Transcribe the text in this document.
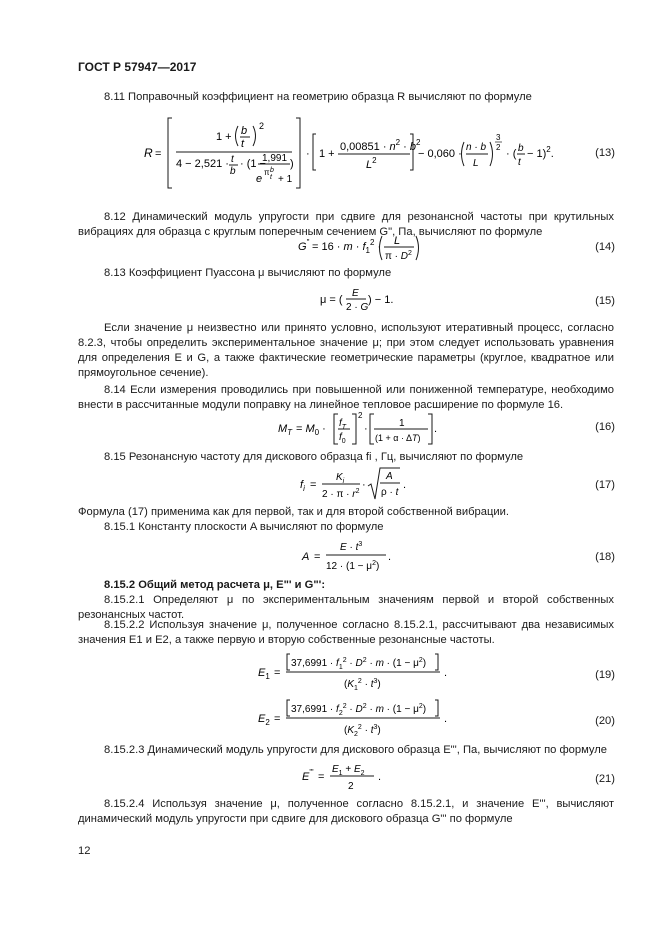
ГОСТ Р 57947—2017
8.11 Поправочный коэффициент на геометрию образца R вычисляют по формуле
R =
1 + b
t
2
4 − 2,521 · t
b
· (1 −
1,991
e
π b
t + 1
)
· 1 +
$0,00851 \cdot n^2 \cdot b^2$
$L^2$
− 0,060 ·
n · b
L
3
2
· ( b
t
− 1)$^2$.	(13)
8.12 Динамический модуль упругости при сдвиге для резонансной частоты при крутильных вибрациях для образца с круглым поперечным сечением G", Па, вычисляют по формуле
$G^" = 16 \cdot m \cdot f_1^2 \cdot L$
$\pi \cdot D^2$
(14)
8.13 Коэффициент Пуассона μ вычисляют по формуле
μ = (
E
2 · G
) − 1.	(15)
Если значение μ неизвестно или принято условно, используют итеративный процесс, согласно 8.2.3, чтобы определить экспериментальное значение μ; при этом следует использовать уравнения для определения E и G, а также фактические геометрические параметры (круглое, квадратное или прямоугольное сечение).
8.14 Если измерения проводились при повышенной или пониженной температуре, необходимо внести в рассчитанные модули поправку на линейное тепловое расширение по формуле 16.
$M_T = M_0 \cdot f_T$
$f_0$
2
·	1
(1 + α · ΔT)
.	(16)
8.15 Резонансную частоту для дискового образца fi , Гц, вычисляют по формуле
$f_i$ =
$K_i$
$2 \cdot \pi \cdot r^2$
·
A
ρ · t
.	(17)
Формула (17) применима как для первой, так и для второй собственной вибрации.
8.15.1 Константу плоскости A вычисляют по формуле
A =
$E \cdot t^3$
$12 \cdot (1 - \mu^2)$
.	(18)
8.15.2 Общий метод расчета μ, E"' и G"':
8.15.2.1 Определяют μ по экспериментальным значениям первой и второй собственных резонансных частот.
8.15.2.2 Используя значение μ, полученное согласно 8.15.2.1, рассчитывают два независимых значения E1 и E2, а также первую и вторую собственные резонансные частоты.
$E_1$ =
$37,6991 \cdot f_1^2 \cdot D^2 \cdot m \cdot (1 - \mu^2)$
$(K_1^2 \cdot t^3)$
.	(19)
$E_2$ =
$37,6991 \cdot f_2^2 \cdot D^2 \cdot m \cdot (1 - \mu^2)$
$(K_2^2 \cdot t^3)$
.	(20)
8.15.2.3 Динамический модуль упругости для дискового образца E"', Па, вычисляют по формуле
E"' =
$E_1 + E_2$
2
.	(21)
8.15.2.4 Используя значение μ, полученное согласно 8.15.2.1, и значение E"', вычисляют динамический модуль упругости при сдвиге для дискового образца G"' по формуле
12
